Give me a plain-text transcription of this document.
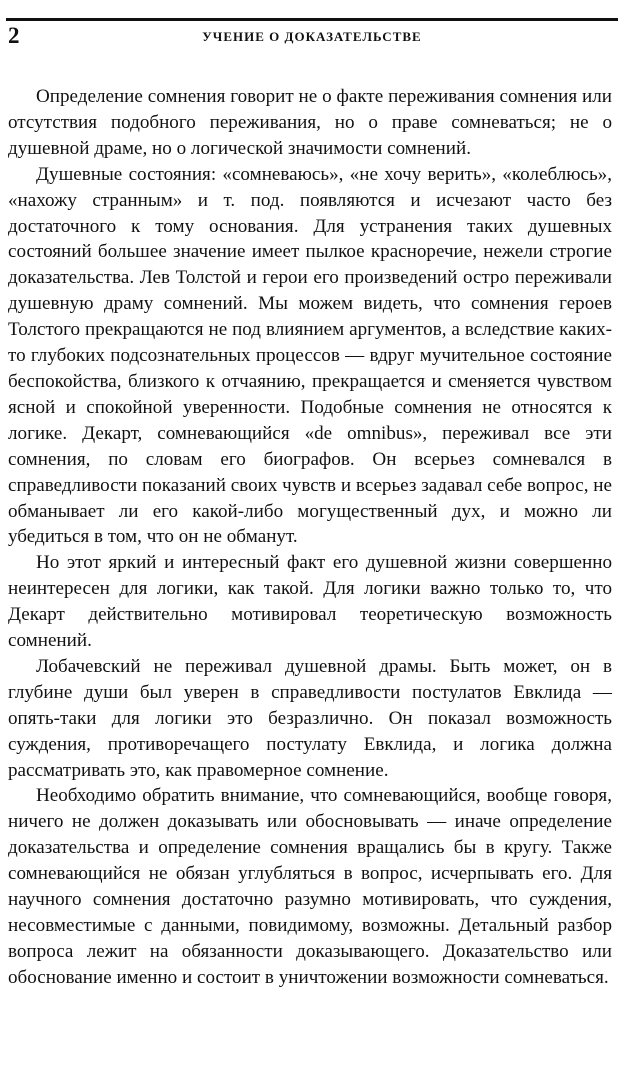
2	УЧЕНИЕ О ДОКАЗАТЕЛЬСТВЕ

Определение сомнения говорит не о факте переживания сомнения или отсутствия подобного переживания, но о праве сомневаться; не о душевной драме, но о логической значимости сомнений.

Душевные состояния: «сомневаюсь», «не хочу верить», «колеблюсь», «нахожу странным» и т. под. появляются и исчезают часто без достаточного к тому основания. Для устранения таких душевных состояний большее значение имеет пылкое красноречие, нежели строгие доказательства. Лев Толстой и герои его произведений остро переживали душевную драму сомнений. Мы можем видеть, что сомнения героев Толстого прекращаются не под влиянием аргументов, а вследствие каких-то глубоких подсознательных процессов — вдруг мучительное состояние беспокойства, близкого к отчаянию, прекращается и сменяется чувством ясной и спокойной уверенности. Подобные сомнения не относятся к логике. Декарт, сомневающийся «de omnibus», переживал все эти сомнения, по словам его биографов. Он всерьез сомневался в справедливости показаний своих чувств и всерьез задавал себе вопрос, не обманывает ли его какой-либо могущественный дух, и можно ли убедиться в том, что он не обманут.

Но этот яркий и интересный факт его душевной жизни совершенно неинтересен для логики, как такой. Для логики важно только то, что Декарт действительно мотивировал теоретическую возможность сомнений.

Лобачевский не переживал душевной драмы. Быть может, он в глубине души был уверен в справедливости постулатов Евклида — опять-таки для логики это безразлично. Он показал возможность суждения, противоречащего постулату Евклида, и логика должна рассматривать это, как правомерное сомнение.

Необходимо обратить внимание, что сомневающийся, вообще говоря, ничего не должен доказывать или обосновывать — иначе определение доказательства и определение сомнения вращались бы в кругу. Также сомневающийся не обязан углубляться в вопрос, исчерпывать его. Для научного сомнения достаточно разумно мотивировать, что суждения, несовместимые с данными, повидимому, возможны. Детальный разбор вопроса лежит на обязанности доказывающего. Доказательство или обоснование именно и состоит в уничтожении возможности сомневаться.
